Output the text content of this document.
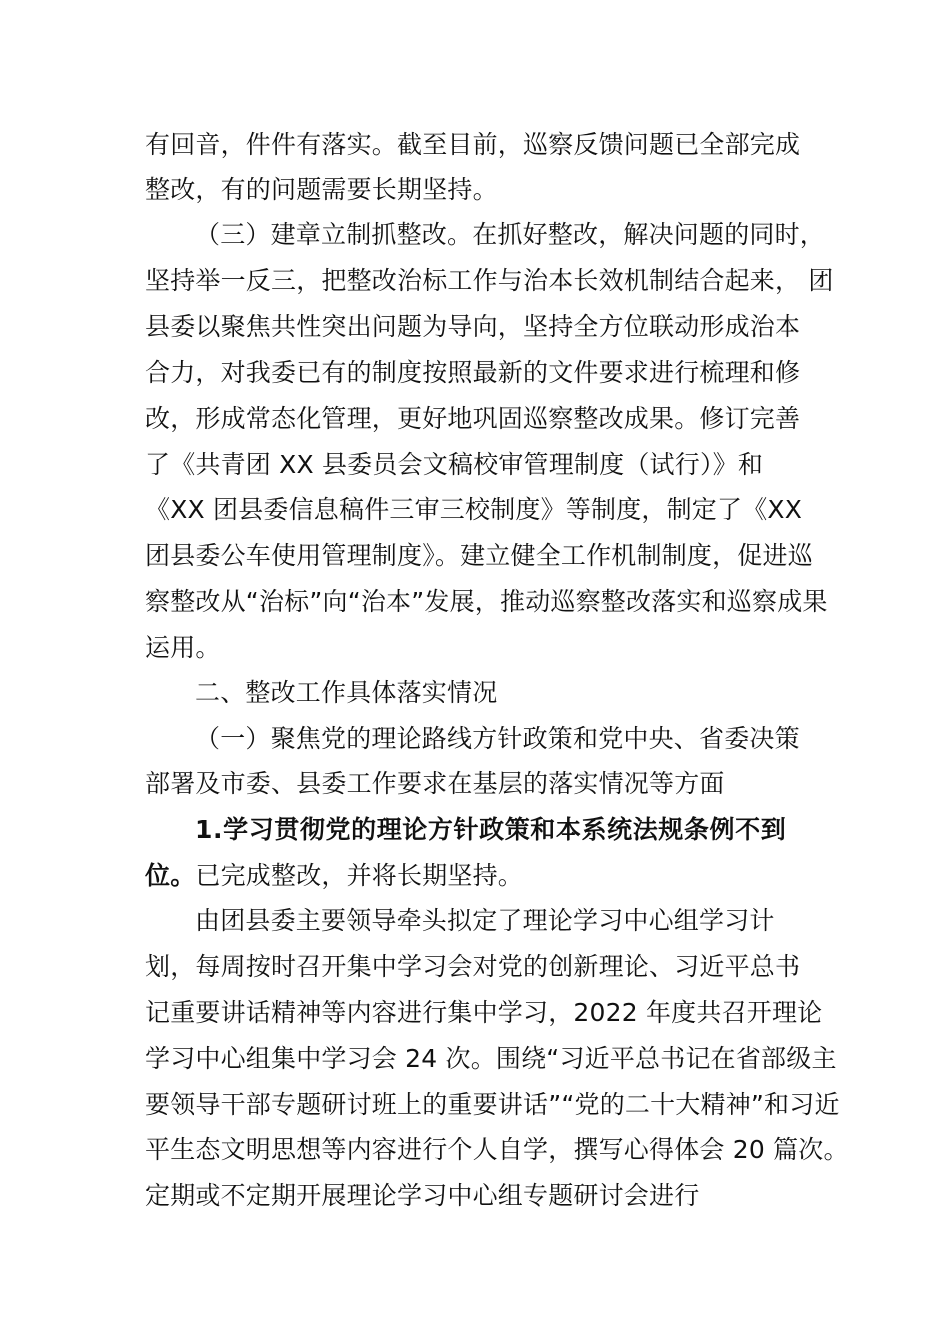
有回音，件件有落实。截至目前，巡察反馈问题已全部完成
整改，有的问题需要长期坚持。
（三）建章立制抓整改。在抓好整改，解决问题的同时，
坚持举一反三，把整改治标工作与治本长效机制结合起来， 团
县委以聚焦共性突出问题为导向，坚持全方位联动形成治本
合力，对我委已有的制度按照最新的文件要求进行梳理和修
改，形成常态化管理，更好地巩固巡察整改成果。修订完善
了《共青团 XX 县委员会文稿校审管理制度（试行）》和
《XX 团县委信息稿件三审三校制度》等制度，制定了《XX
团县委公车使用管理制度》。建立健全工作机制制度，促进巡
察整改从“治标”向“治本”发展，推动巡察整改落实和巡察成果
运用。
二、整改工作具体落实情况
（一）聚焦党的理论路线方针政策和党中央、省委决策
部署及市委、县委工作要求在基层的落实情况等方面
1.学习贯彻党的理论方针政策和本系统法规条例不到
位。已完成整改，并将长期坚持。
由团县委主要领导牵头拟定了理论学习中心组学习计
划，每周按时召开集中学习会对党的创新理论、习近平总书
记重要讲话精神等内容进行集中学习，2022 年度共召开理论
学习中心组集中学习会 24 次。围绕“习近平总书记在省部级主
要领导干部专题研讨班上的重要讲话”“党的二十大精神”和习近
平生态文明思想等内容进行个人自学，撰写心得体会 20 篇次。
定期或不定期开展理论学习中心组专题研讨会进行
